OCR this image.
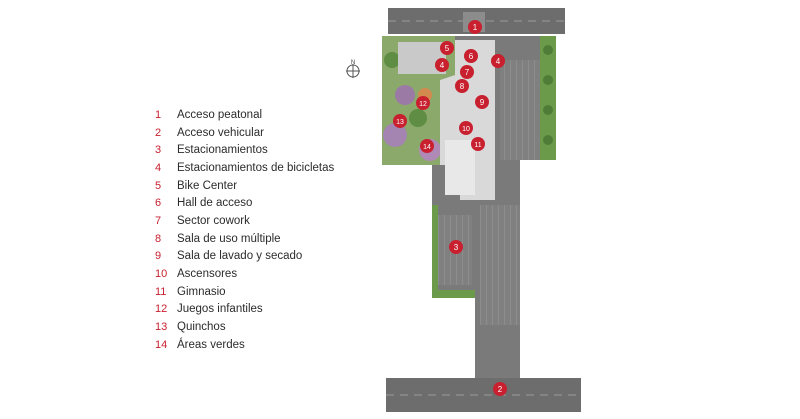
1	Acceso peatonal
2	Acceso vehicular
3	Estacionamientos
4	Estacionamientos de bicicletas
5	Bike Center
6	Hall de acceso
7	Sector cowork
8	Sala de uso múltiple
9	Sala de lavado y secado
10 Ascensores
11 Gimnasio
12 Juegos infantiles
13 Quinchos
14 Áreas verdes
N
1
2
3
4	4
5
6
7
8
9
10
11
12
13
14
